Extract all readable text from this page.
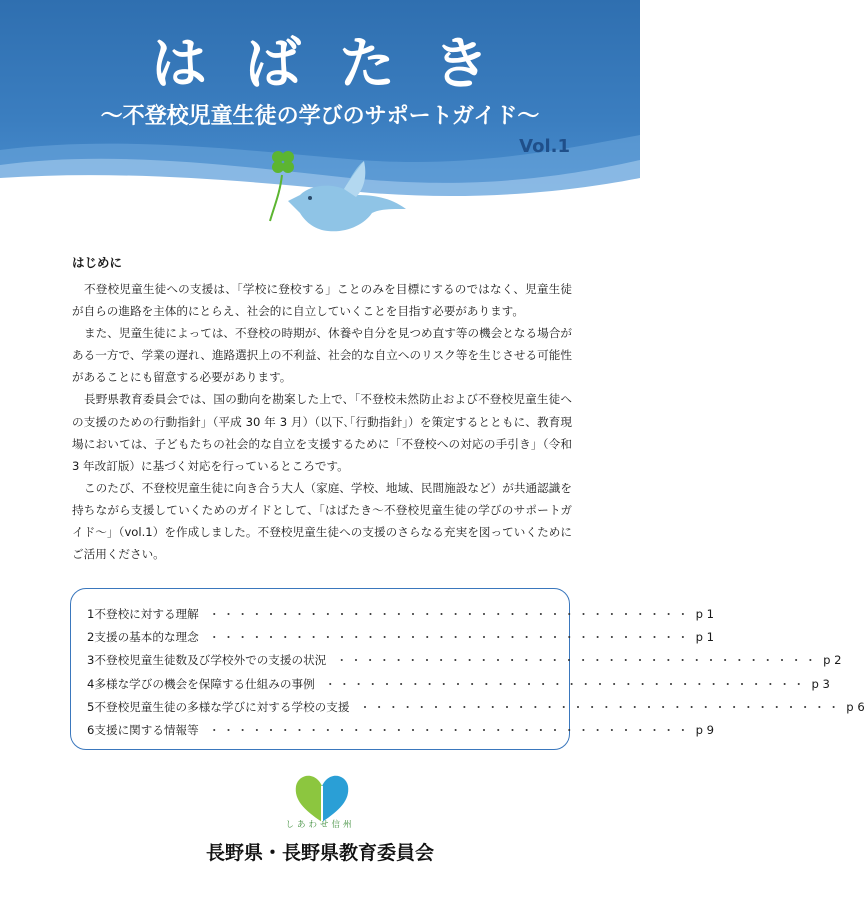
はばたき
～不登校児童生徒の学びのサポートガイド～
Vol.1
はじめに

不登校児童生徒への支援は、「学校に登校する」ことのみを目標にするのではなく、児童生徒が自らの進路を主体的にとらえ、社会的に自立していくことを目指す必要があります。

また、児童生徒によっては、不登校の時期が、休養や自分を見つめ直す等の機会となる場合がある一方で、学業の遅れ、進路選択上の不利益、社会的な自立へのリスク等を生じさせる可能性があることにも留意する必要があります。

長野県教育委員会では、国の動向を勘案した上で、「不登校未然防止および不登校児童生徒への支援のための行動指針」（平成 30 年 3 月）（以下､｢行動指針｣）を策定するとともに、教育現場においては、子どもたちの社会的な自立を支援するために「不登校への対応の手引き」（令和 3 年改訂版）に基づく対応を行っているところです。

このたび、不登校児童生徒に向き合う大人（家庭、学校、地域、民間施設など）が共通認識を持ちながら支援していくためのガイドとして、「はばたき～不登校児童生徒の学びのサポートガイド～」（vol.1）を作成しました。不登校児童生徒への支援のさらなる充実を図っていくためにご活用ください。

1 不登校に対する理解 ・・・・・・・・・・・・・・・・・・・・・・・・・・・・・・・・・・ p 1
2 支援の基本的な理念 ・・・・・・・・・・・・・・・・・・・・・・・・・・・・・・・・・・ p 1
3 不登校児童生徒数及び学校外での支援の状況 ・・・・・・・・・・・・・・・・・・・・・・・・・・・・・・・・・・ p 2
4 多様な学びの機会を保障する仕組みの事例 ・・・・・・・・・・・・・・・・・・・・・・・・・・・・・・・・・・ p 3
5 不登校児童生徒の多様な学びに対する学校の支援 ・・・・・・・・・・・・・・・・・・・・・・・・・・・・・・・・・・ p 6
6 支援に関する情報等 ・・・・・・・・・・・・・・・・・・・・・・・・・・・・・・・・・・ p 9
しあわせ信州
長野県・長野県教育委員会
